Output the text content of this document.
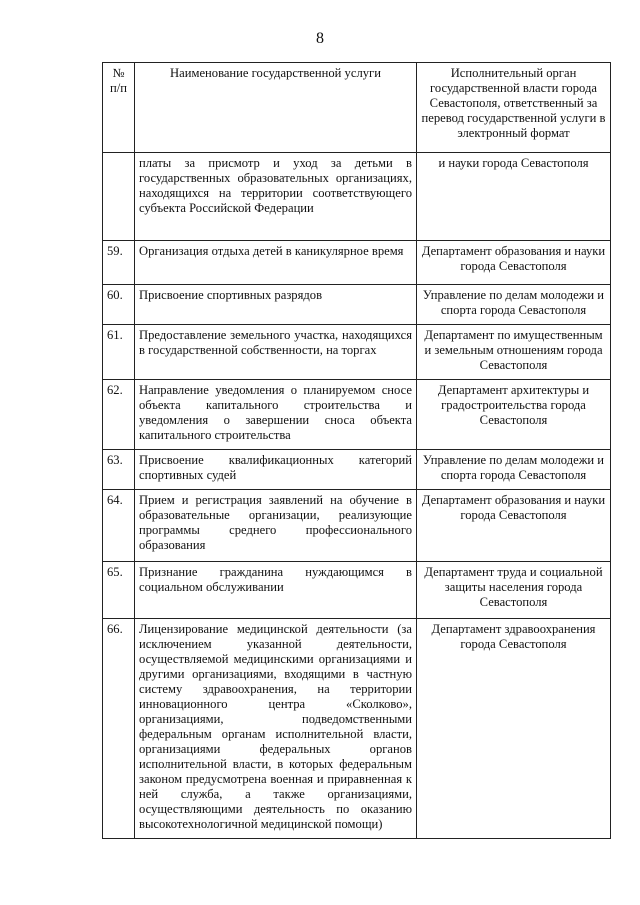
8
№ п/п	Наименование государственной услуги	Исполнительный орган государственной власти города Севастополя, ответственный за перевод государственной услуги в электронный формат
	платы за присмотр и уход за детьми в государственных образовательных организациях, находящихся на территории соответствующего субъекта Российской Федерации	и науки города Севастополя
59.	Организация отдыха детей в каникулярное время	Департамент образования и науки города Севастополя
60.	Присвоение спортивных разрядов	Управление по делам молодежи и спорта города Севастополя
61.	Предоставление земельного участка, находящихся в государственной собственности, на торгах	Департамент по имущественным и земельным отношениям города Севастополя
62.	Направление уведомления о планируемом сносе объекта капитального строительства и уведомления о завершении сноса объекта капитального строительства	Департамент архитектуры и градостроительства города Севастополя
63.	Присвоение квалификационных категорий спортивных судей	Управление по делам молодежи и спорта города Севастополя
64.	Прием и регистрация заявлений на обучение в образовательные организации, реализующие программы среднего профессионального образования	Департамент образования и науки города Севастополя
65.	Признание гражданина нуждающимся в социальном обслуживании	Департамент труда и социальной защиты населения города Севастополя
66.	Лицензирование медицинской деятельности (за исключением указанной деятельности, осуществляемой медицинскими организациями и другими организациями, входящими в частную систему здравоохранения, на территории инновационного центра «Сколково», организациями, подведомственными федеральным органам исполнительной власти, организациями федеральных органов исполнительной власти, в которых федеральным законом предусмотрена военная и приравненная к ней служба, а также организациями, осуществляющими деятельность по оказанию высокотехнологичной медицинской помощи)	Департамент здравоохранения города Севастополя
